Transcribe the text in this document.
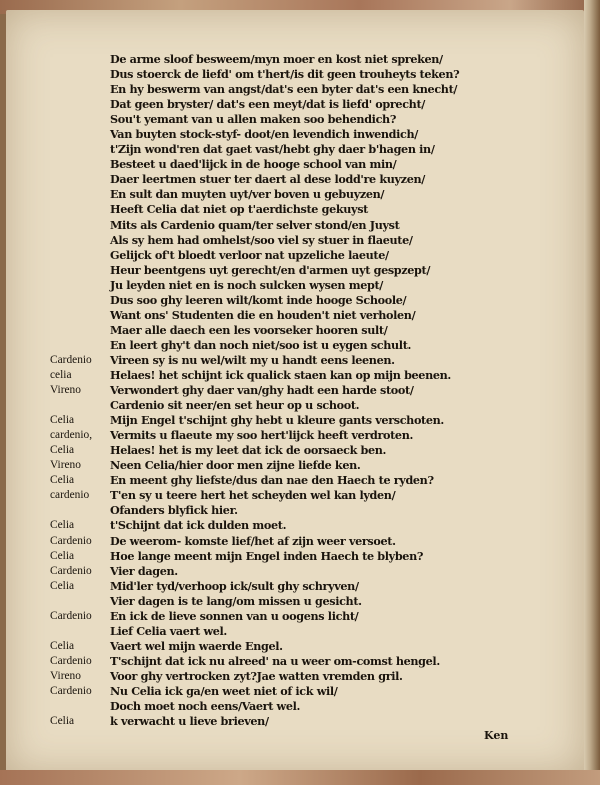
De arme sloof besweem/myn moer en kost niet spreken/
Dus stoerck de liefd' om t'hert/is dit geen trouheyts teken?
En hy beswerm van angst/dat's een byter dat's een knecht/
Dat geen bryster/ dat's een meyt/dat is liefd' oprecht/
Sou't yemant van u allen maken soo behendich?
Van buyten stock-styf- doot/en levendich inwendich/
t'Zijn wond'ren dat gaet vast/hebt ghy daer b'hagen in/
Besteet u daed'lijck in de hooge school van min/
Daer leertmen stuer ter daert al dese lodd're kuyzen/
En sult dan muyten uyt/ver boven u gebuyzen/
Heeft Celia dat niet op t'aerdichste gekuyst
Mits als Cardenio quam/ter selver stond/en Juyst
Als sy hem had omhelst/soo viel sy stuer in flaeute/
Gelijck of't bloedt verloor nat upzeliche laeute/
Heur beentgens uyt gerecht/en d'armen uyt gespzept/
Ju leyden niet en is noch sulcken wysen mept/
Dus soo ghy leeren wilt/komt inde hooge Schoole/
Want ons' Studenten die en houden't niet verholen/
Maer alle daech een les voorseker hooren sult/
En leert ghy't dan noch niet/soo ist u eygen schult.
Cardenio	Vireen sy is nu wel/wilt my u handt eens leenen.
celia	Helaes! het schijnt ick qualick staen kan op mijn beenen.
Vireno	Verwondert ghy daer van/ghy hadt een harde stoot/
Cardenio sit neer/en set heur op u schoot.
Celia	Mijn Engel t'schijnt ghy hebt u kleure gants verschoten.
cardenio,	Vermits u flaeute my soo hert'lijck heeft verdroten.
Celia	Helaes! het is my leet dat ick de oorsaeck ben.
Vireno	Neen Celia/hier door men zijne liefde ken.
Celia	En meent ghy liefste/dus dan nae den Haech te ryden?
cardenio	T'en sy u teere hert het scheyden wel kan lyden/
Ofanders blyfick hier.
Celia	t'Schijnt dat ick dulden moet.
Cardenio	De weerom- komste lief/het af zijn weer versoet.
Celia	Hoe lange meent mijn Engel inden Haech te blyben?
Cardenio	Vier dagen.
Celia	Mid'ler tyd/verhoop ick/sult ghy schryven/
Vier dagen is te lang/om missen u gesicht.
Cardenio	En ick de lieve sonnen van u oogens licht/
Lief Celia vaert wel.
Celia	Vaert wel mijn waerde Engel.
Cardenio	T'schijnt dat ick nu alreed' na u weer om-comst hengel.
Vireno	Voor ghy vertrocken zyt?Jae watten vremden gril.
Cardenio	Nu Celia ick ga/en weet niet of ick wil/
Doch moet noch eens/Vaert wel.
Celia	k verwacht u lieve brieven/
Ken
